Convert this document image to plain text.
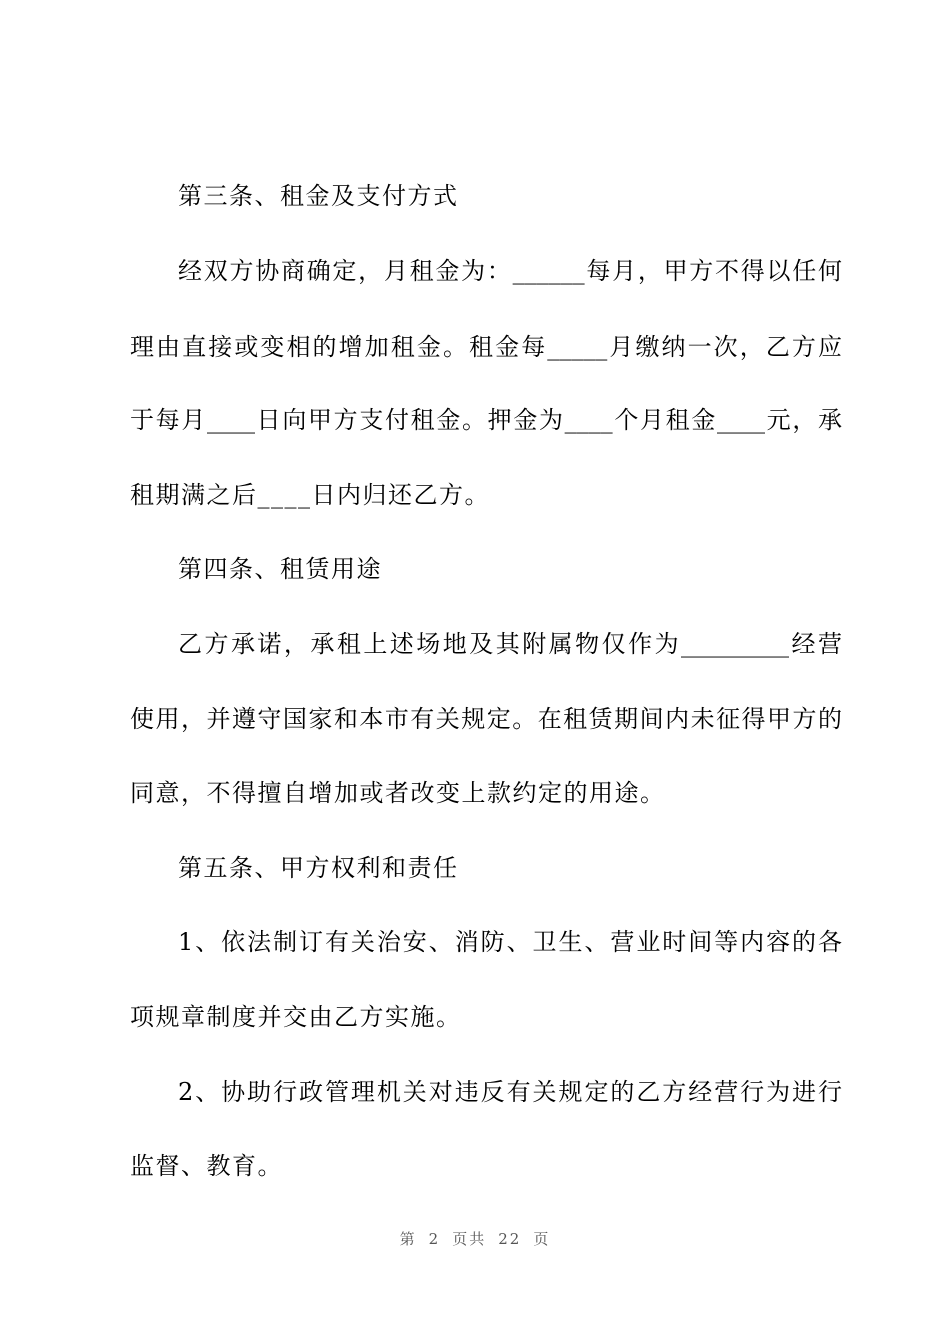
第三条、租金及支付方式
经双方协商确定，月租金为：______每月，甲方不得以任何
理由直接或变相的增加租金。租金每_____月缴纳一次，乙方应
于每月____日向甲方支付租金。押金为____个月租金____元，承
租期满之后____日内归还乙方。
第四条、租赁用途
乙方承诺，承租上述场地及其附属物仅作为_________经营
使用，并遵守国家和本市有关规定。在租赁期间内未征得甲方的
同意，不得擅自增加或者改变上款约定的用途。
第五条、甲方权利和责任
1、依法制订有关治安、消防、卫生、营业时间等内容的各
项规章制度并交由乙方实施。
2、协助行政管理机关对违反有关规定的乙方经营行为进行
监督、教育。
第 2 页共 22 页
